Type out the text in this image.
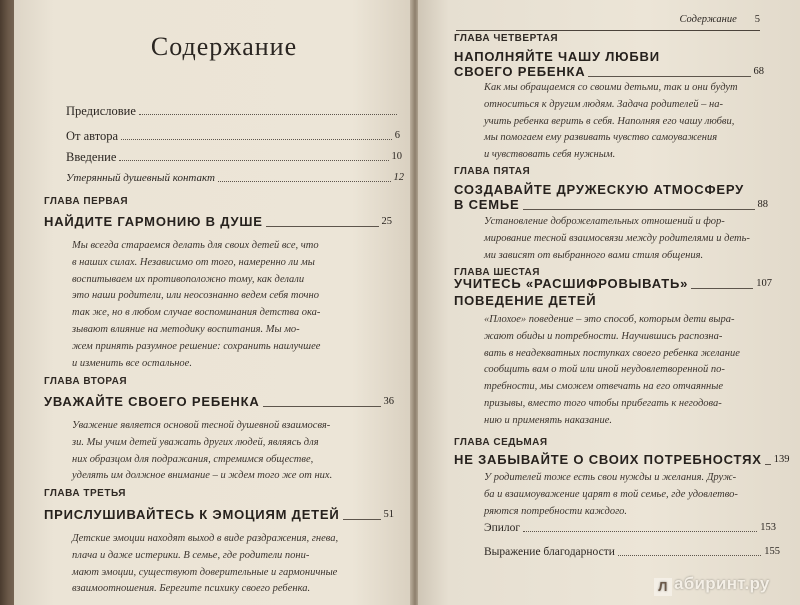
Содержание
Предисловие
От автора	6
Введение	10
Утерянный душевный контакт	12
ГЛАВА ПЕРВАЯ
НАЙДИТЕ ГАРМОНИЮ В ДУШЕ	25
Мы всегда стараемся делать для своих детей все, что
в наших силах. Независимо от того, намеренно ли мы
воспитываем их противоположно тому, как делали
это наши родители, или неосознанно ведем себя точно
так же, но в любом случае воспоминания детства ока-
зывают влияние на методику воспитания. Мы мо-
жем принять разумное решение: сохранить наилучшее
и изменить все остальное.
ГЛАВА ВТОРАЯ
УВАЖАЙТЕ СВОЕГО РЕБЕНКА	36
Уважение является основой тесной душевной взаимосвя-
зи. Мы учим детей уважать других людей, являясь для
них образцом для подражания, стремимся обществе,
уделять им должное внимание – и ждем того же от них.
ГЛАВА ТРЕТЬЯ
ПРИСЛУШИВАЙТЕСЬ К ЭМОЦИЯМ ДЕТЕЙ	51
Детские эмоции находят выход в виде раздражения, гнева,
плача и даже истерики. В семье, где родители пони-
мают эмоции, существуют доверительные и гармоничные
взаимоотношения. Берегите психику своего ребенка.
Содержание 5
ГЛАВА ЧЕТВЕРТАЯ
НАПОЛНЯЙТЕ ЧАШУ ЛЮБВИ
СВОЕГО РЕБЕНКА	68
Как мы обращаемся со своими детьми, так и они будут
относиться к другим людям. Задача родителей – на-
учить ребенка верить в себя. Наполняя его чашу любви,
мы помогаем ему развивать чувство самоуважения
и чувствовать себя нужным.
ГЛАВА ПЯТАЯ
СОЗДАВАЙТЕ ДРУЖЕСКУЮ АТМОСФЕРУ
В СЕМЬЕ	88
Установление доброжелательных отношений и фор-
мирование тесной взаимосвязи между родителями и деть-
ми зависят от выбранного вами стиля общения.
ГЛАВА ШЕСТАЯ
УЧИТЕСЬ «РАСШИФРОВЫВАТЬ»	107
ПОВЕДЕНИЕ ДЕТЕЙ
«Плохое» поведение – это способ, которым дети выра-
жают обиды и потребности. Научившись распозна-
вать в неадекватных поступках своего ребенка желание
сообщить вам о той или иной неудовлетворенной по-
требности, мы сможем отвечать на его отчаянные
призывы, вместо того чтобы прибегать к негодова-
нию и применять наказание.
ГЛАВА СЕДЬМАЯ
НЕ ЗАБЫВАЙТЕ О СВОИХ ПОТРЕБНОСТЯХ 139
У родителей тоже есть свои нужды и желания. Друж-
ба и взаимоуважение царят в той семье, где удовлетво-
ряются потребности каждого.
Эпилог	153
Выражение благодарности	155
Л абиринт.ру
